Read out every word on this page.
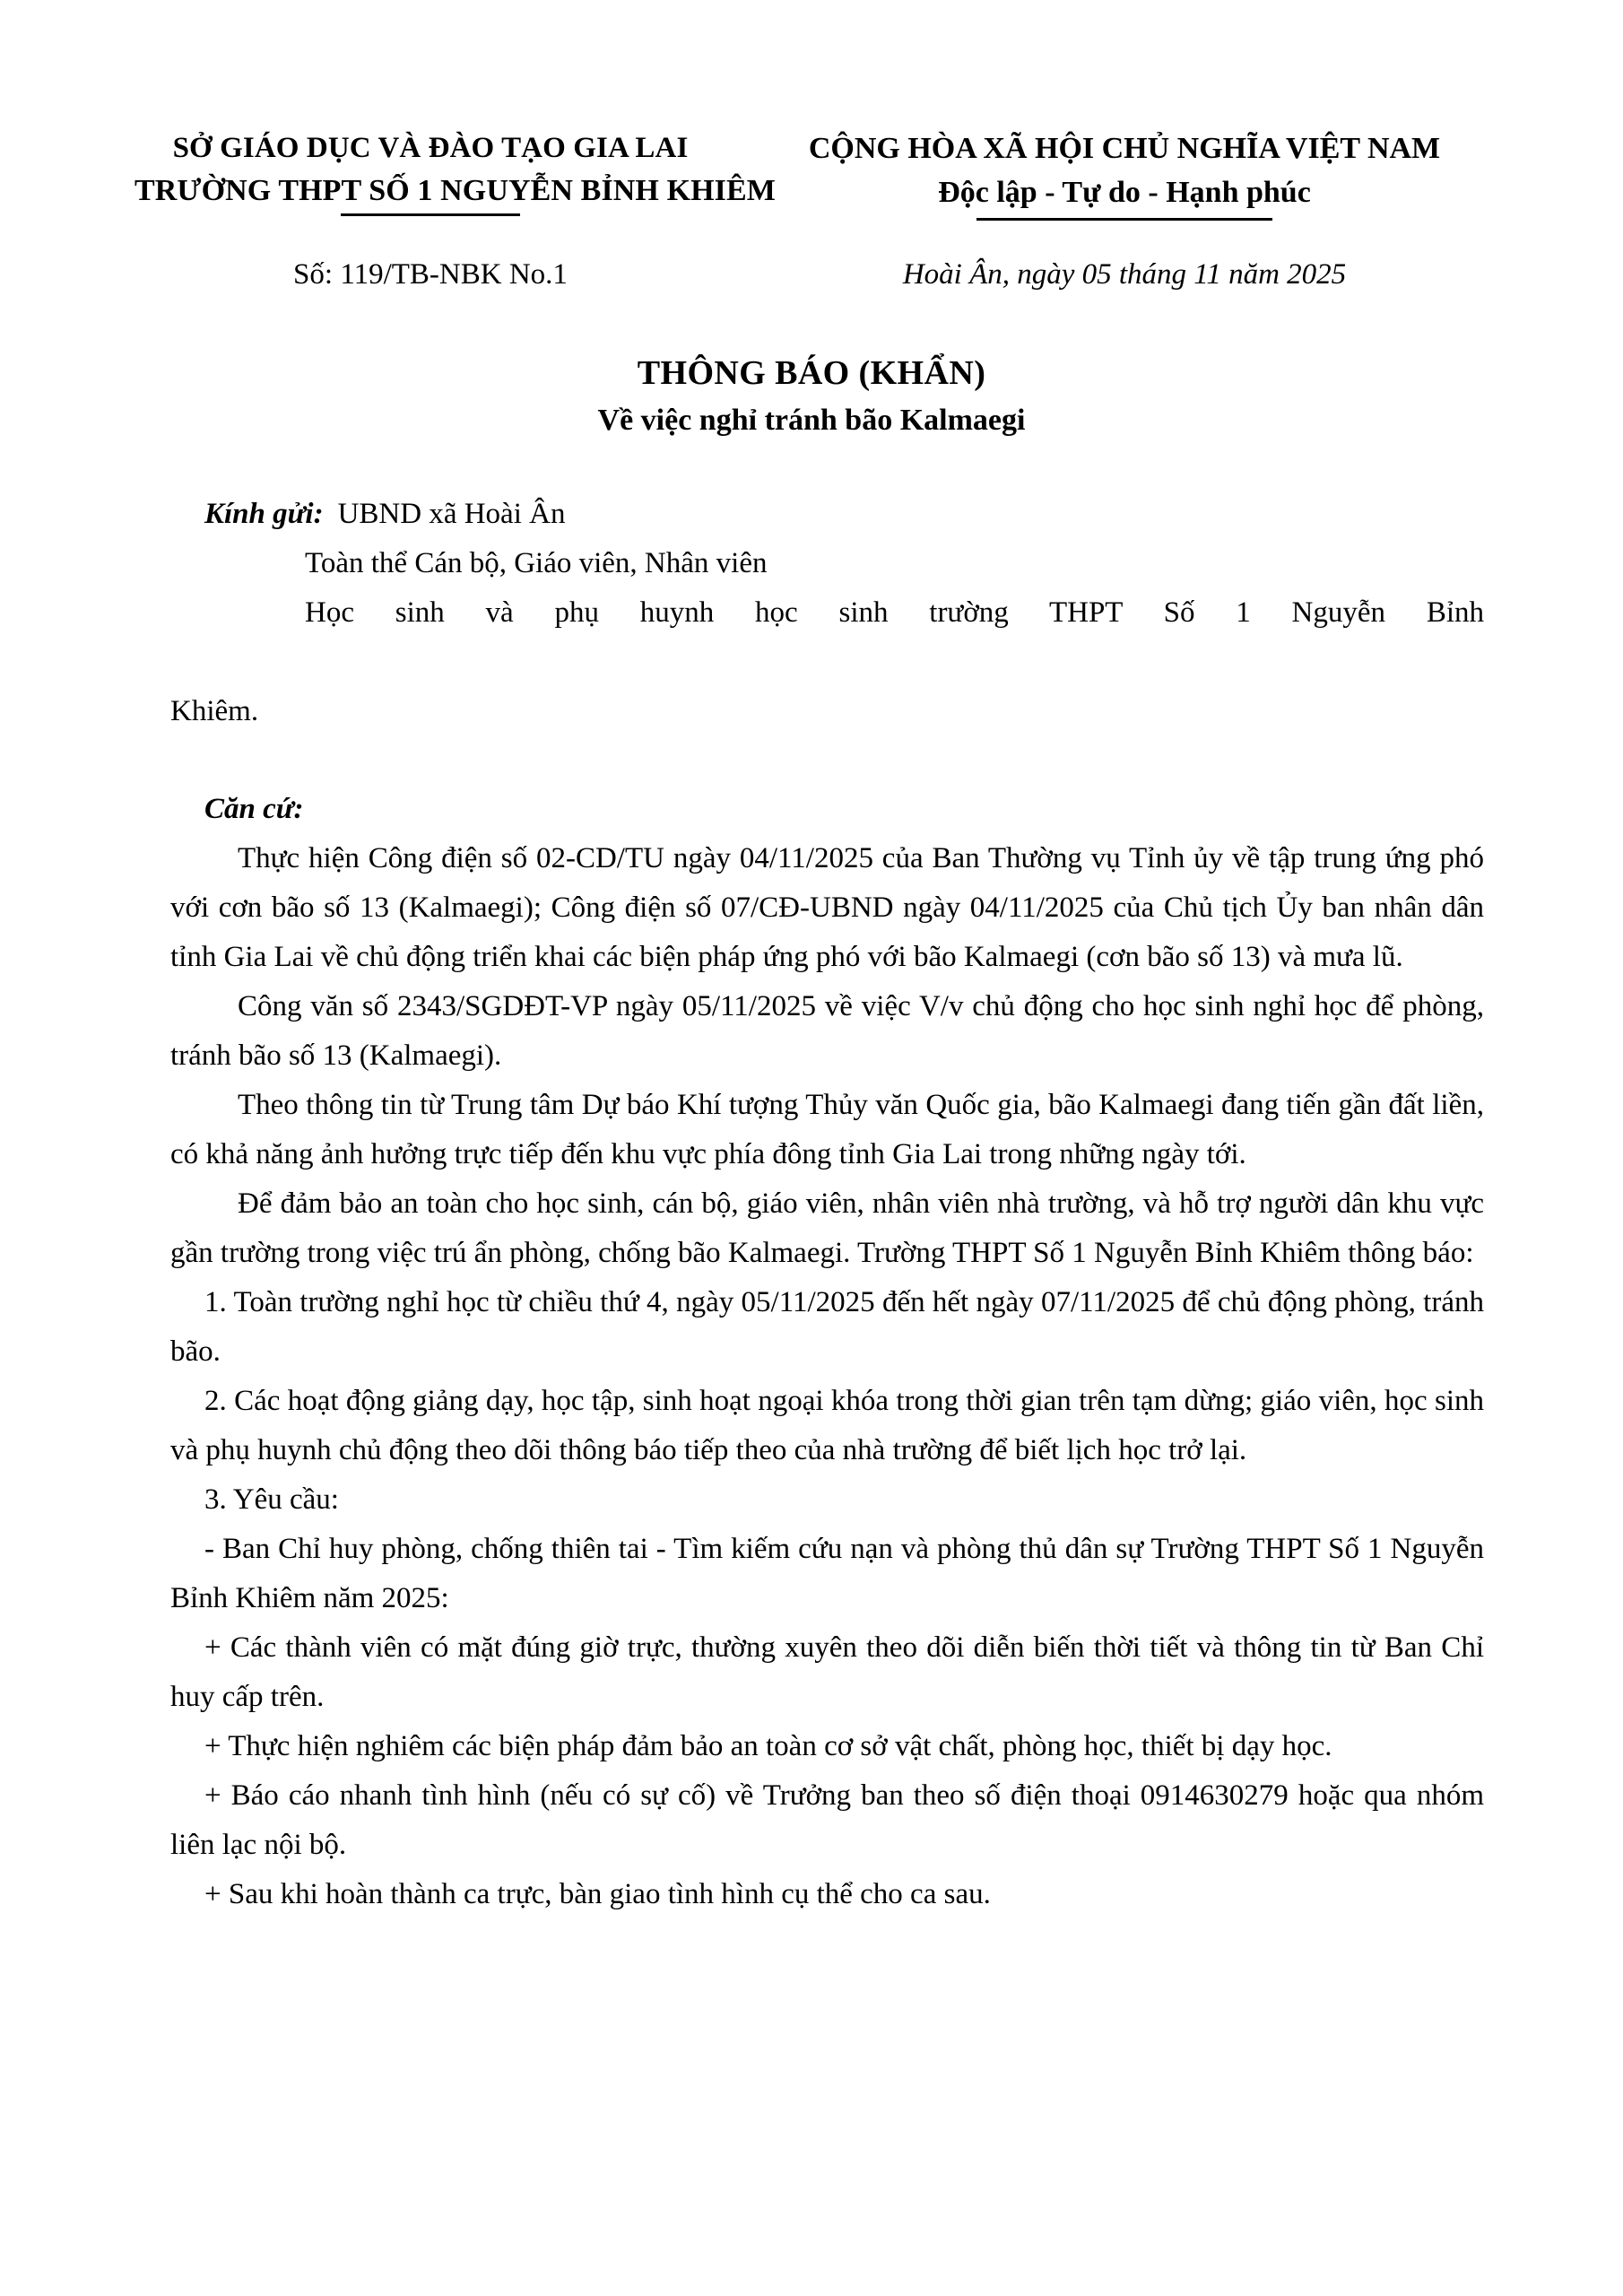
SỞ GIÁO DỤC VÀ ĐÀO TẠO GIA LAI
TRƯỜNG THPT SỐ 1 NGUYỄN BỈNH KHIÊM
CỘNG HÒA XÃ HỘI CHỦ NGHĨA VIỆT NAM
Độc lập - Tự do - Hạnh phúc
Số: 119/TB-NBK No.1	Hoài Ân, ngày 05 tháng 11 năm 2025
THÔNG BÁO (KHẨN)
Về việc nghỉ tránh bão Kalmaegi
Kính gửi: UBND xã Hoài Ân
Toàn thể Cán bộ, Giáo viên, Nhân viên
Học sinh và phụ huynh học sinh trường THPT Số 1 Nguyễn Bỉnh
Khiêm.
Căn cứ:

Thực hiện Công điện số 02-CD/TU ngày 04/11/2025 của Ban Thường vụ Tỉnh ủy về tập trung ứng phó với cơn bão số 13 (Kalmaegi); Công điện số 07/CĐ-UBND ngày 04/11/2025 của Chủ tịch Ủy ban nhân dân tỉnh Gia Lai về chủ động triển khai các biện pháp ứng phó với bão Kalmaegi (cơn bão số 13) và mưa lũ.

Công văn số 2343/SGDĐT-VP ngày 05/11/2025 về việc V/v chủ động cho học sinh nghỉ học để phòng, tránh bão số 13 (Kalmaegi).

Theo thông tin từ Trung tâm Dự báo Khí tượng Thủy văn Quốc gia, bão Kalmaegi đang tiến gần đất liền, có khả năng ảnh hưởng trực tiếp đến khu vực phía đông tỉnh Gia Lai trong những ngày tới.

Để đảm bảo an toàn cho học sinh, cán bộ, giáo viên, nhân viên nhà trường, và hỗ trợ người dân khu vực gần trường trong việc trú ẩn phòng, chống bão Kalmaegi. Trường THPT Số 1 Nguyễn Bỉnh Khiêm thông báo:

1. Toàn trường nghỉ học từ chiều thứ 4, ngày 05/11/2025 đến hết ngày 07/11/2025 để chủ động phòng, tránh bão.

2. Các hoạt động giảng dạy, học tập, sinh hoạt ngoại khóa trong thời gian trên tạm dừng; giáo viên, học sinh và phụ huynh chủ động theo dõi thông báo tiếp theo của nhà trường để biết lịch học trở lại.

3. Yêu cầu:

- Ban Chỉ huy phòng, chống thiên tai - Tìm kiếm cứu nạn và phòng thủ dân sự Trường THPT Số 1 Nguyễn Bỉnh Khiêm năm 2025:

+ Các thành viên có mặt đúng giờ trực, thường xuyên theo dõi diễn biến thời tiết và thông tin từ Ban Chỉ huy cấp trên.

+ Thực hiện nghiêm các biện pháp đảm bảo an toàn cơ sở vật chất, phòng học, thiết bị dạy học.

+ Báo cáo nhanh tình hình (nếu có sự cố) về Trưởng ban theo số điện thoại 0914630279 hoặc qua nhóm liên lạc nội bộ.

+ Sau khi hoàn thành ca trực, bàn giao tình hình cụ thể cho ca sau.
